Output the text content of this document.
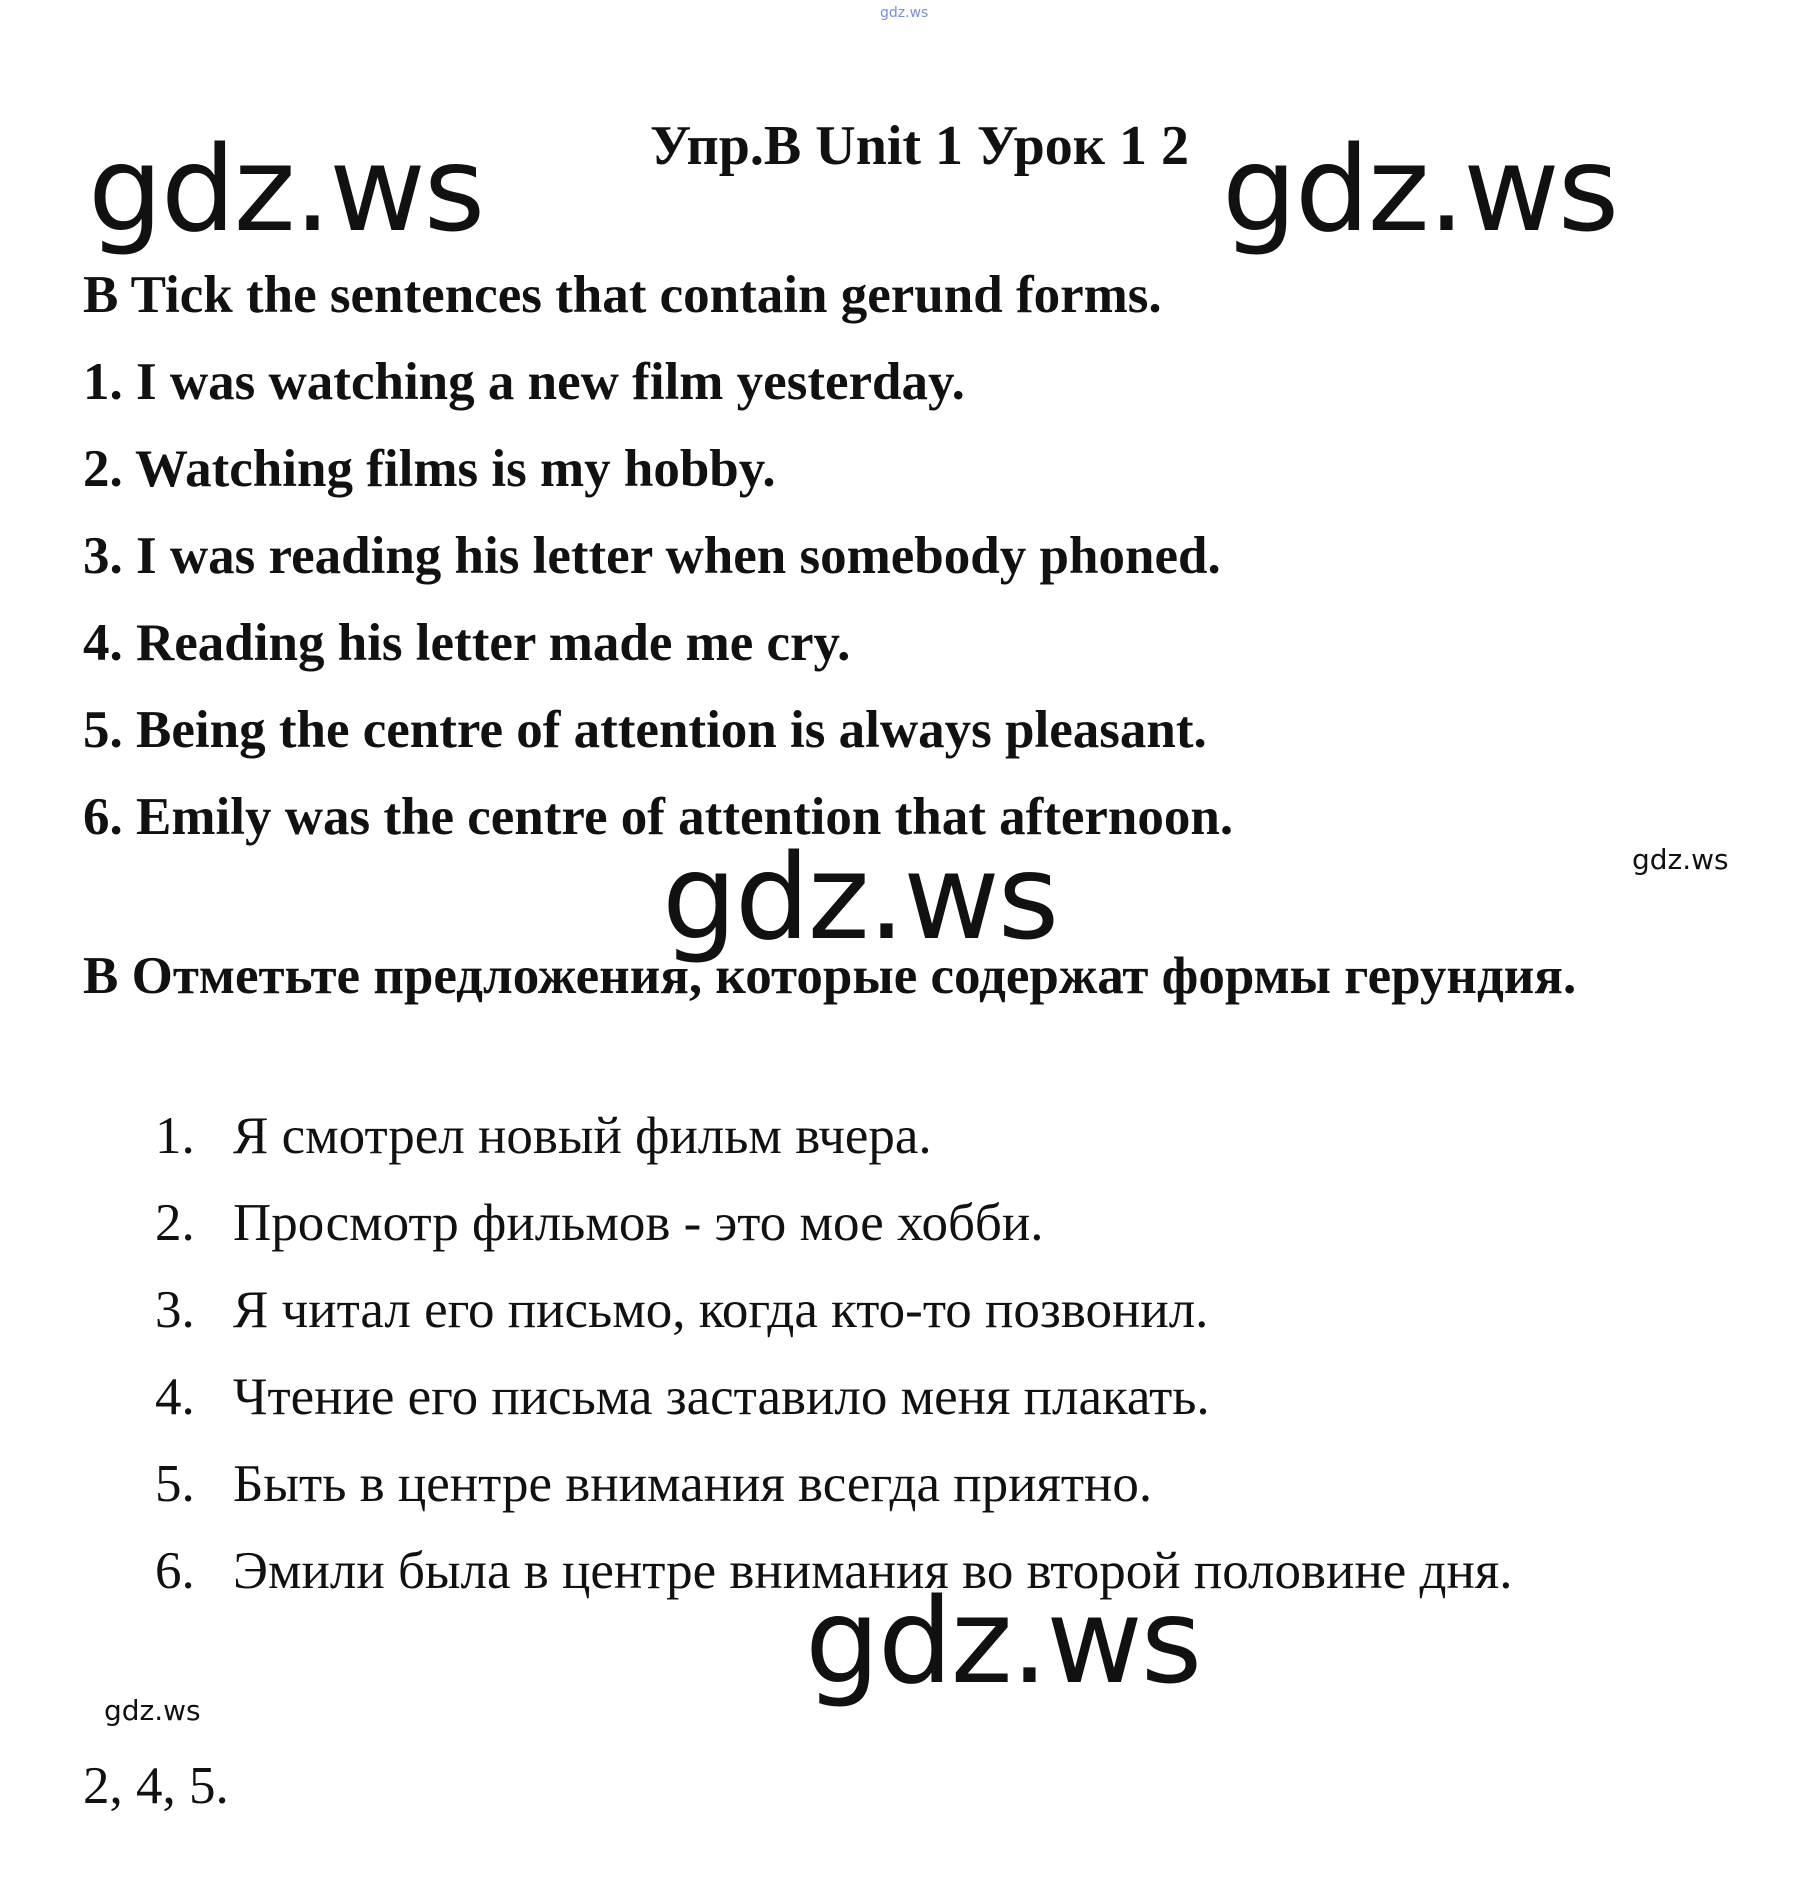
gdz.ws
gdz.ws	gdz.ws
gdz.ws
gdz.ws
gdz.ws
gdz.ws
Упр.B Unit 1 Урок 1 2
B Tick the sentences that contain gerund forms.
1. I was watching a new film yesterday.
2. Watching films is my hobby.
3. I was reading his letter when somebody phoned.
4. Reading his letter made me cry.
5. Being the centre of attention is always pleasant.
6. Emily was the centre of attention that afternoon.
B Отметьте предложения, которые содержат формы герундия.
1. Я смотрел новый фильм вчера.
2. Просмотр фильмов - это мое хобби.
3. Я читал его письмо, когда кто-то позвонил.
4. Чтение его письма заставило меня плакать.
5. Быть в центре внимания всегда приятно.
6. Эмили была в центре внимания во второй половине дня.
2, 4, 5.
